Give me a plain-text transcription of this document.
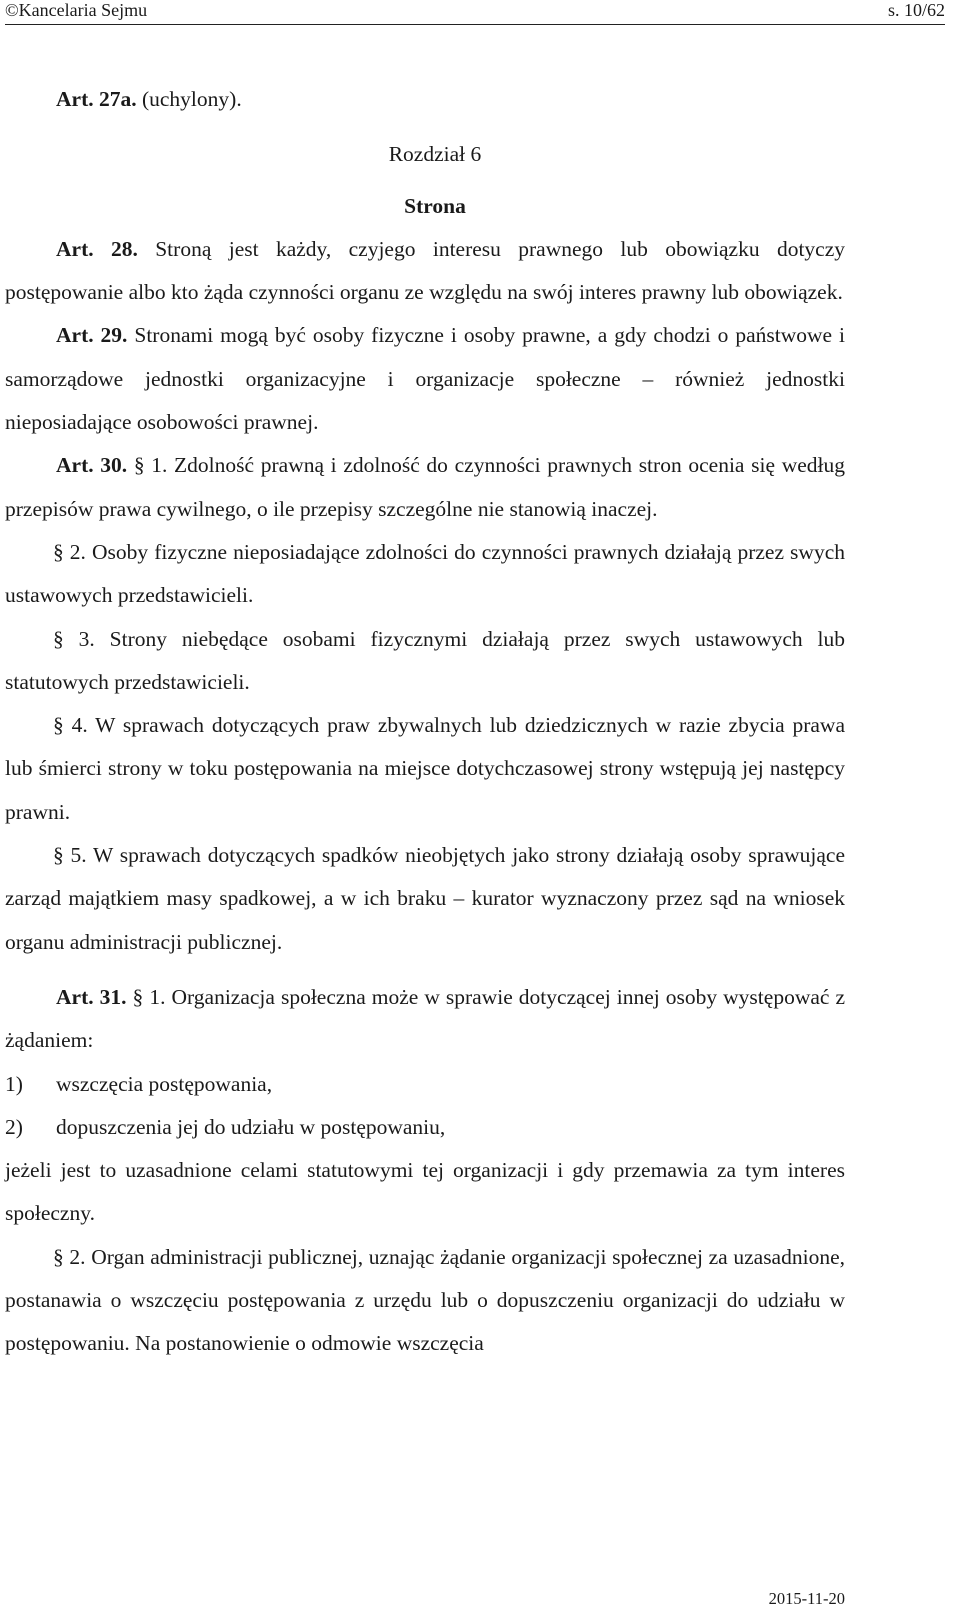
©Kancelaria Sejmu	s. 10/62

Art. 27a. (uchylony).

Rozdział 6

Strona

Art. 28. Stroną jest każdy, czyjego interesu prawnego lub obowiązku dotyczy postępowanie albo kto żąda czynności organu ze względu na swój interes prawny lub obowiązek.

Art. 29. Stronami mogą być osoby fizyczne i osoby prawne, a gdy chodzi o państwowe i samorządowe jednostki organizacyjne i organizacje społeczne – również jednostki nieposiadające osobowości prawnej.

Art. 30. § 1. Zdolność prawną i zdolność do czynności prawnych stron ocenia się według przepisów prawa cywilnego, o ile przepisy szczególne nie stanowią inaczej.

§ 2. Osoby fizyczne nieposiadające zdolności do czynności prawnych działają przez swych ustawowych przedstawicieli.

§ 3. Strony niebędące osobami fizycznymi działają przez swych ustawowych lub statutowych przedstawicieli.

§ 4. W sprawach dotyczących praw zbywalnych lub dziedzicznych w razie zbycia prawa lub śmierci strony w toku postępowania na miejsce dotychczasowej strony wstępują jej następcy prawni.

§ 5. W sprawach dotyczących spadków nieobjętych jako strony działają osoby sprawujące zarząd majątkiem masy spadkowej, a w ich braku – kurator wyznaczony przez sąd na wniosek organu administracji publicznej.

Art. 31. § 1. Organizacja społeczna może w sprawie dotyczącej innej osoby występować z żądaniem:

1)	wszczęcia postępowania,
2)	dopuszczenia jej do udziału w postępowaniu,

jeżeli jest to uzasadnione celami statutowymi tej organizacji i gdy przemawia za tym interes społeczny.

§ 2. Organ administracji publicznej, uznając żądanie organizacji społecznej za uzasadnione, postanawia o wszczęciu postępowania z urzędu lub o dopuszczeniu organizacji do udziału w postępowaniu. Na postanowienie o odmowie wszczęcia

2015-11-20
